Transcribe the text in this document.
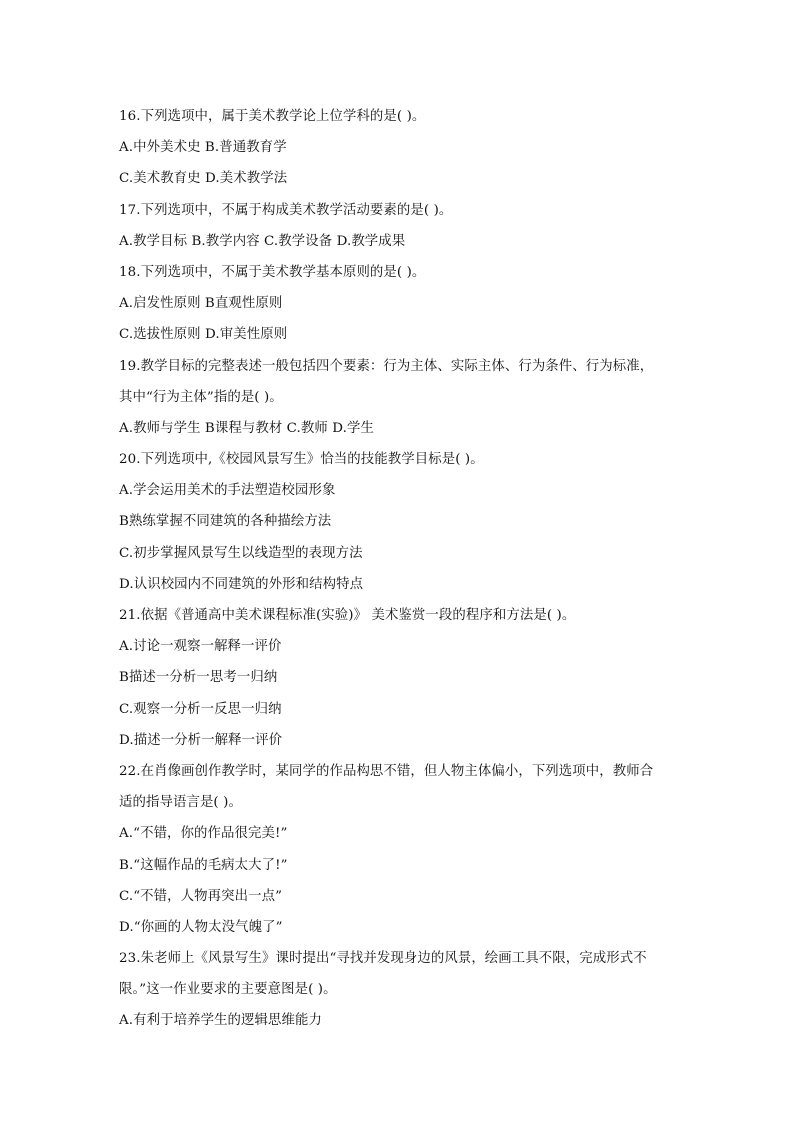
16.下列选项中，属于美术教学论上位学科的是( )。
A.中外美术史 B.普通教育学
C.美术教育史 D.美术教学法
17.下列选项中，不属于构成美术教学活动要素的是( )。
A.教学目标 B.教学内容 C.教学设备 D.教学成果
18.下列选项中，不属于美术教学基本原则的是( )。
A.启发性原则 B直观性原则
C.选拔性原则 D.审美性原则
19.教学目标的完整表述一般包括四个要素：行为主体、实际主体、行为条件、行为标准，
其中“行为主体”指的是( )。
A.教师与学生 B课程与教材 C.教师 D.学生
20.下列选项中,《校园风景写生》恰当的技能教学目标是( )。
A.学会运用美术的手法塑造校园形象
B熟练掌握不同建筑的各种描绘方法
C.初步掌握风景写生以线造型的表现方法
D.认识校园内不同建筑的外形和结构特点
21.依据《普通高中美术课程标准(实验)》 美术鉴赏一段的程序和方法是( )。
A.讨论一观察一解释一评价
B描述一分析一思考一归纳
C.观察一分析一反思一归纳
D.描述一分析一解释一评价
22.在肖像画创作教学时，某同学的作品构思不错，但人物主体偏小，下列选项中，教师合
适的指导语言是( )。
A.“不错，你的作品很完美!”
B.“这幅作品的毛病太大了!”
C.“不错，人物再突出一点”
D.“你画的人物太没气魄了”
23.朱老师上《风景写生》课时提出“寻找并发现身边的风景，绘画工具不限，完成形式不
限。”这一作业要求的主要意图是( )。
A.有利于培养学生的逻辑思维能力
